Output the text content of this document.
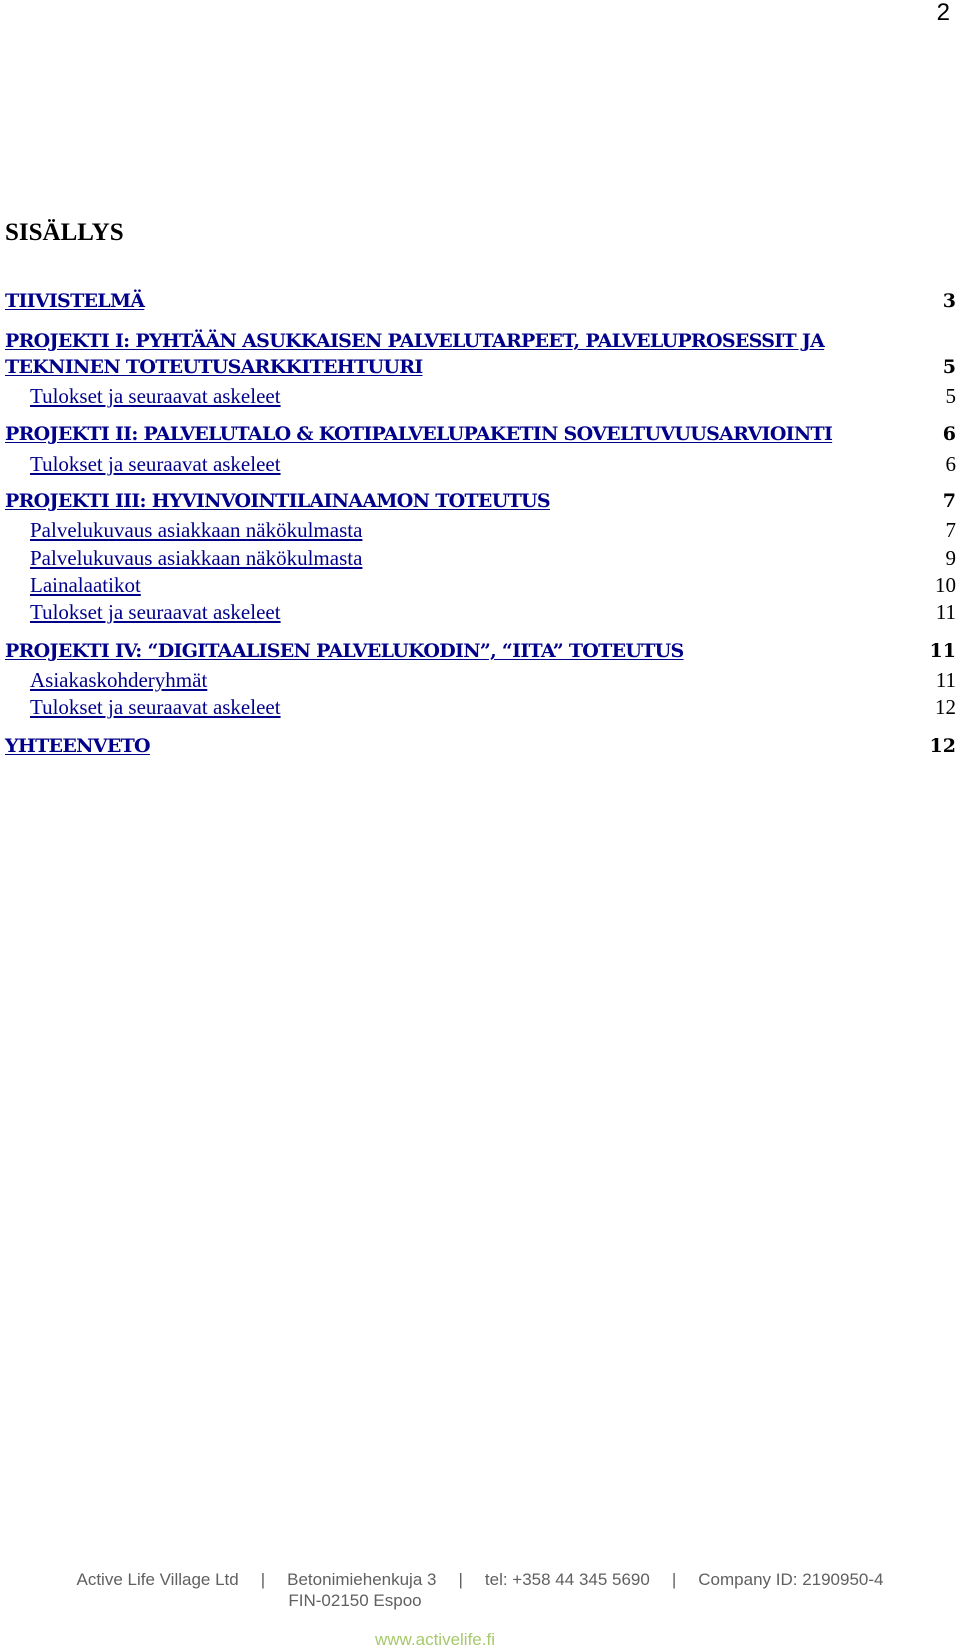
2
SISÄLLYS
TIIVISTELMÄ	3
PROJEKTI I: PYHTÄÄN ASUKKAISEN PALVELUTARPEET, PALVELUPROSESSIT JA
TEKNINEN TOTEUTUSARKKITEHTUURI	5
Tulokset ja seuraavat askeleet	5
PROJEKTI II: PALVELUTALO & KOTIPALVELUPAKETIN SOVELTUVUUSARVIOINTI	6
Tulokset ja seuraavat askeleet	6
PROJEKTI III: HYVINVOINTILAINAAMON TOTEUTUS	7
Palvelukuvaus asiakkaan näkökulmasta	7
Palvelukuvaus asiakkaan näkökulmasta	9
Lainalaatikot	10
Tulokset ja seuraavat askeleet	11
PROJEKTI IV: “DIGITAALISEN PALVELUKODIN”, “IITA” TOTEUTUS	11
Asiakaskohderyhmät	11
Tulokset ja seuraavat askeleet	12
YHTEENVETO	12
Active Life Village Ltd | Betonimiehenkuja 3 | tel: +358 44 345 5690 | Company ID: 2190950-4
FIN-02150 Espoo
www.activelife.fi
